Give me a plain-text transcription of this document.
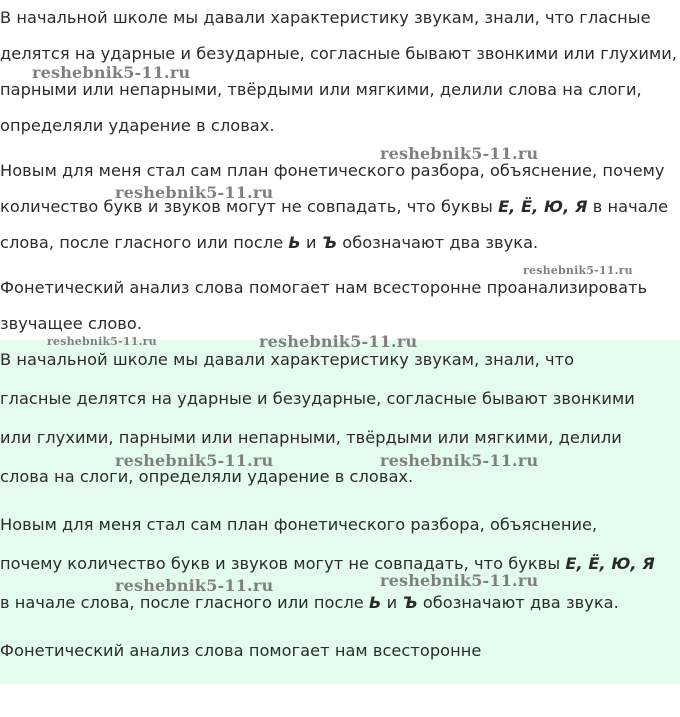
В начальной школе мы давали характеристику звукам, знали, что гласные
делятся на ударные и безударные, согласные бывают звонкими или глухими,
парными или непарными, твёрдыми или мягкими, делили слова на слоги,
определяли ударение в словах.
Новым для меня стал сам план фонетического разбора, объяснение, почему
количество букв и звуков могут не совпадать, что буквы Е, Ё, Ю, Я в начале
слова, после гласного или после Ь и Ъ обозначают два звука.
Фонетический анализ слова помогает нам всесторонне проанализировать
звучащее слово.
В начальной школе мы давали характеристику звукам, знали, что
гласные делятся на ударные и безударные, согласные бывают звонкими
или глухими, парными или непарными, твёрдыми или мягкими, делили
слова на слоги, определяли ударение в словах.
Новым для меня стал сам план фонетического разбора, объяснение,
почему количество букв и звуков могут не совпадать, что буквы Е, Ё, Ю, Я
в начале слова, после гласного или после Ь и Ъ обозначают два звука.
Фонетический анализ слова помогает нам всесторонне
reshebnik5-11.ru
reshebnik5-11.ru
reshebnik5-11.ru
reshebnik5-11.ru
reshebnik5-11.ru	reshebnik5-11.ru
reshebnik5-11.ru	reshebnik5-11.ru
reshebnik5-11.ru
reshebnik5-11.ru
